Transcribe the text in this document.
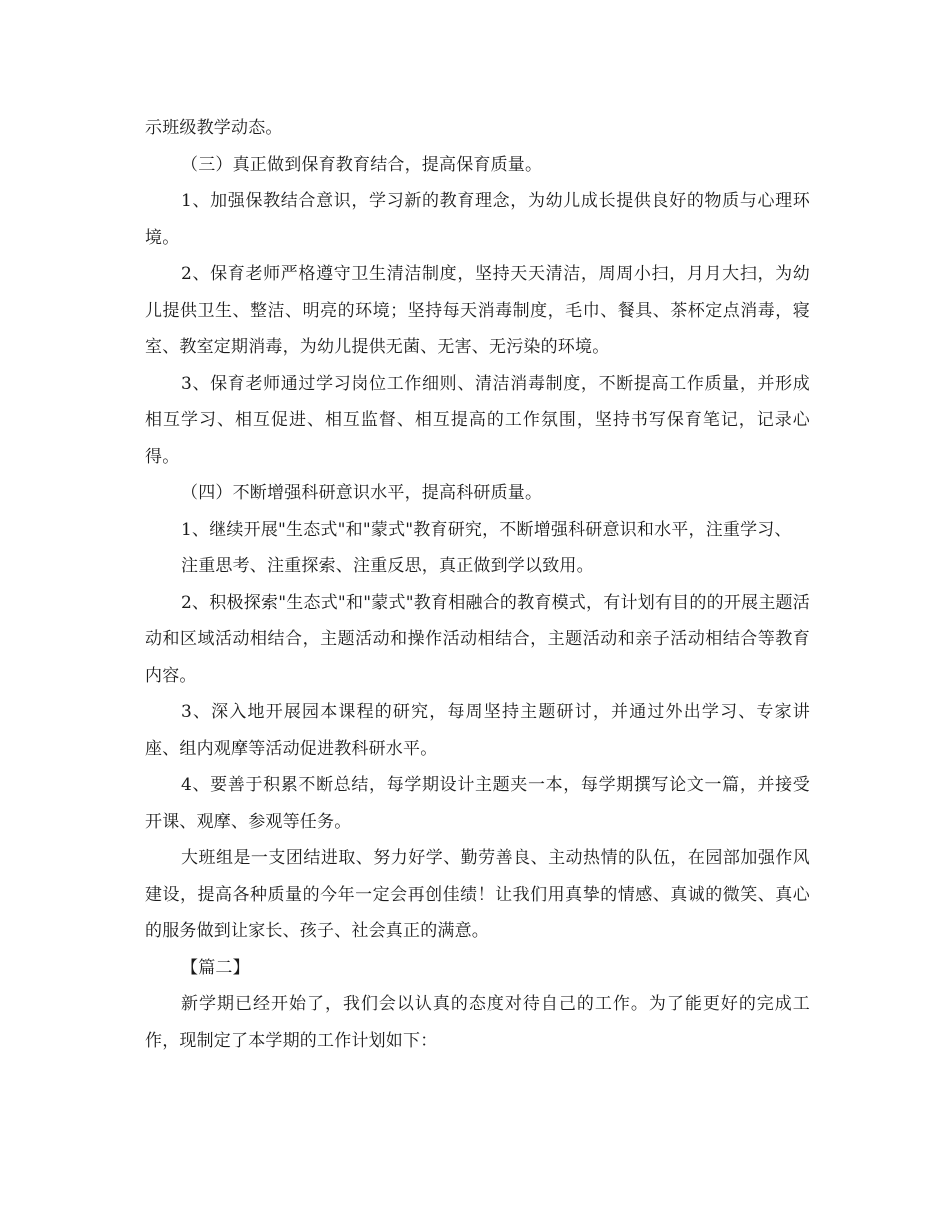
示班级教学动态。

（三）真正做到保育教育结合，提高保育质量。

1、加强保教结合意识，学习新的教育理念，为幼儿成长提供良好的物质与心理环境。

2、保育老师严格遵守卫生清洁制度，坚持天天清洁，周周小扫，月月大扫，为幼儿提供卫生、整洁、明亮的环境；坚持每天消毒制度，毛巾、餐具、茶杯定点消毒，寝室、教室定期消毒，为幼儿提供无菌、无害、无污染的环境。

3、保育老师通过学习岗位工作细则、清洁消毒制度，不断提高工作质量，并形成相互学习、相互促进、相互监督、相互提高的工作氛围，坚持书写保育笔记，记录心得。

（四）不断增强科研意识水平，提高科研质量。

1、继续开展"生态式"和"蒙式"教育研究，不断增强科研意识和水平，注重学习、

注重思考、注重探索、注重反思，真正做到学以致用。

2、积极探索"生态式"和"蒙式"教育相融合的教育模式，有计划有目的的开展主题活动和区域活动相结合，主题活动和操作活动相结合，主题活动和亲子活动相结合等教育内容。

3、深入地开展园本课程的研究，每周坚持主题研讨，并通过外出学习、专家讲座、组内观摩等活动促进教科研水平。

4、要善于积累不断总结，每学期设计主题夹一本，每学期撰写论文一篇，并接受开课、观摩、参观等任务。

大班组是一支团结进取、努力好学、勤劳善良、主动热情的队伍，在园部加强作风建设，提高各种质量的今年一定会再创佳绩！让我们用真挚的情感、真诚的微笑、真心的服务做到让家长、孩子、社会真正的满意。

【篇二】

新学期已经开始了，我们会以认真的态度对待自己的工作。为了能更好的完成工作，现制定了本学期的工作计划如下：
